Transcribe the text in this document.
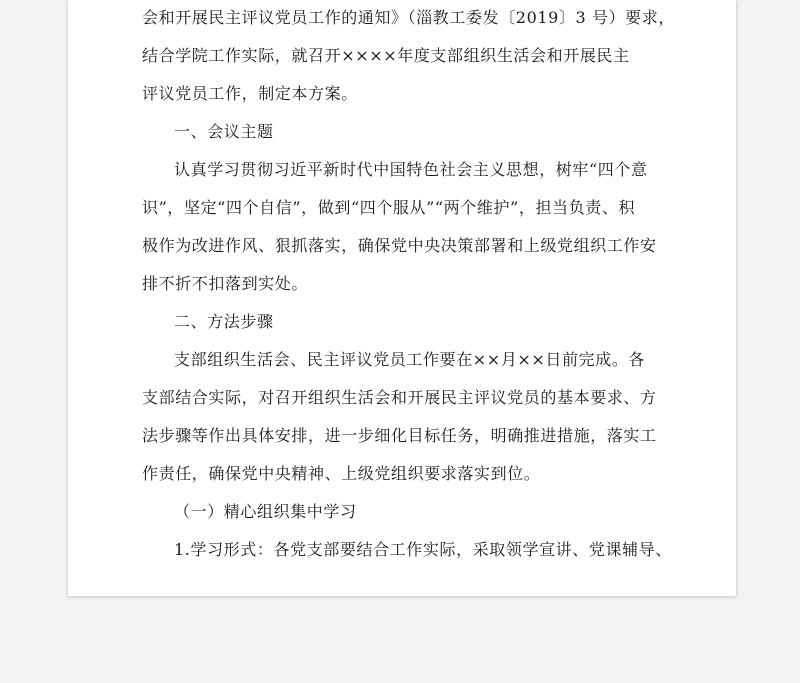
会和开展民主评议党员工作的通知》（淄教工委发〔2019〕3 号）要求，

结合学院工作实际，就召开××××年度支部组织生活会和开展民主

评议党员工作，制定本方案。

一、会议主题

认真学习贯彻习近平新时代中国特色社会主义思想，树牢“四个意

识”，坚定“四个自信”，做到“四个服从”“两个维护”，担当负责、积

极作为改进作风、狠抓落实，确保党中央决策部署和上级党组织工作安

排不折不扣落到实处。

二、方法步骤

支部组织生活会、民主评议党员工作要在××月××日前完成。各

支部结合实际，对召开组织生活会和开展民主评议党员的基本要求、方

法步骤等作出具体安排，进一步细化目标任务，明确推进措施，落实工

作责任，确保党中央精神、上级党组织要求落实到位。

（一）精心组织集中学习

1.学习形式：各党支部要结合工作实际，采取领学宣讲、党课辅导、
